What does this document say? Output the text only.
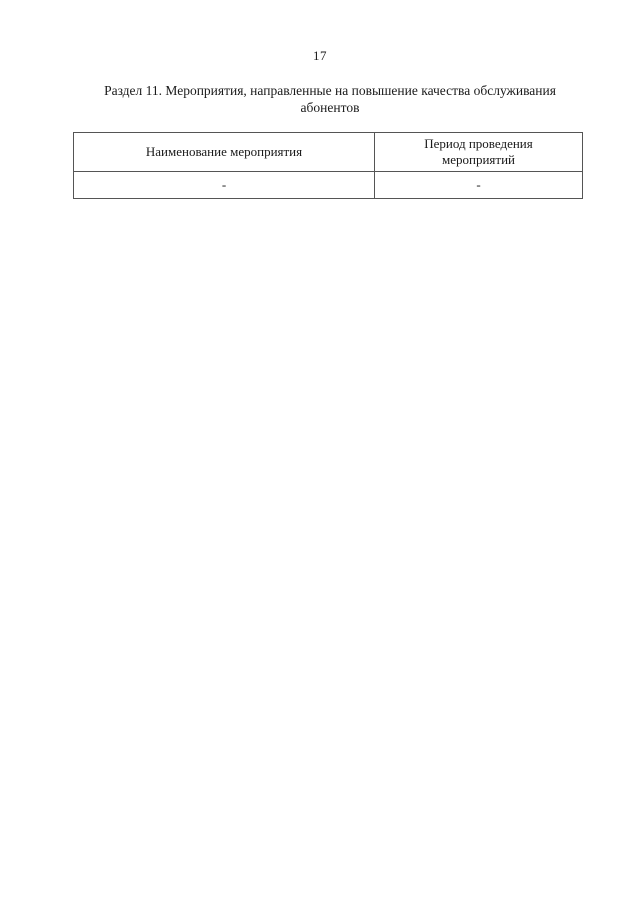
17
Раздел 11. Мероприятия, направленные на повышение качества обслуживания
абонентов
Наименование мероприятия	Период проведения
мероприятий

-	-
